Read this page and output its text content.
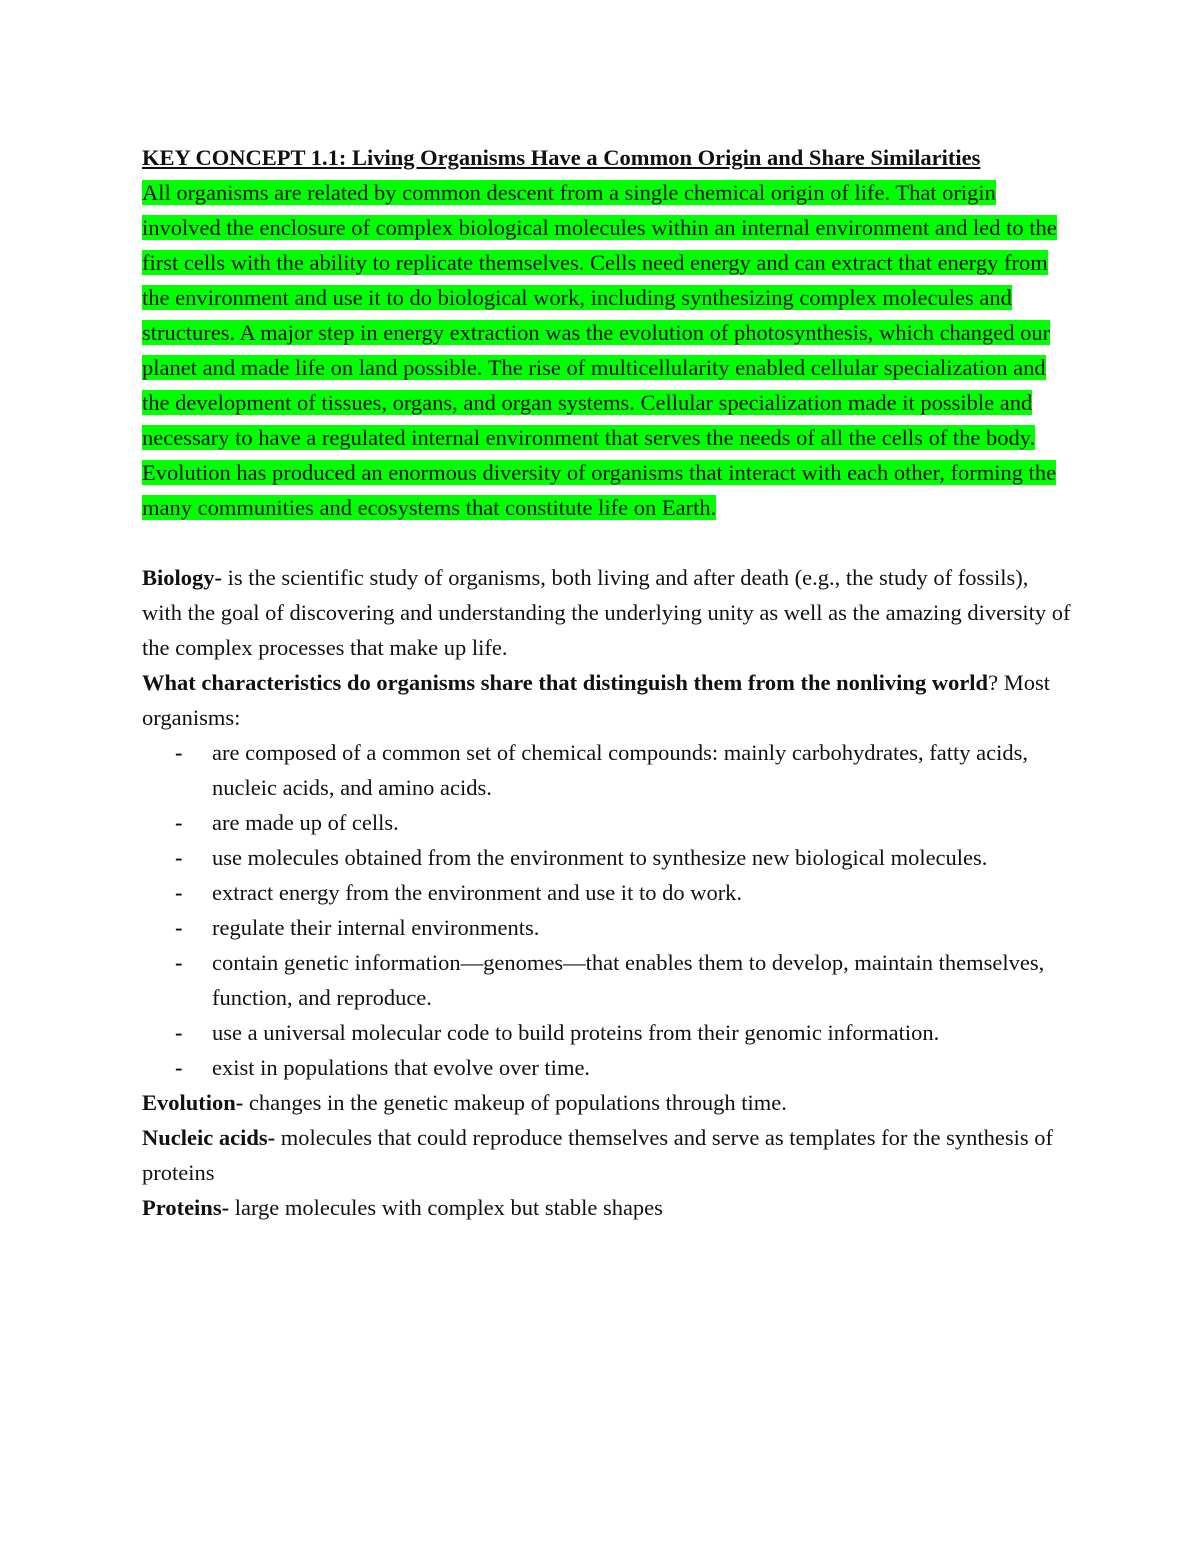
KEY CONCEPT 1.1: Living Organisms Have a Common Origin and Share Similarities

All organisms are related by common descent from a single chemical origin of life. That origin involved the enclosure of complex biological molecules within an internal environment and led to the first cells with the ability to replicate themselves. Cells need energy and can extract that energy from the environment and use it to do biological work, including synthesizing complex molecules and structures. A major step in energy extraction was the evolution of photosynthesis, which changed our planet and made life on land possible. The rise of multicellularity enabled cellular specialization and the development of tissues, organs, and organ systems. Cellular specialization made it possible and necessary to have a regulated internal environment that serves the needs of all the cells of the body. Evolution has produced an enormous diversity of organisms that interact with each other, forming the many communities and ecosystems that constitute life on Earth.

Biology- is the scientific study of organisms, both living and after death (e.g., the study of fossils), with the goal of discovering and understanding the underlying unity as well as the amazing diversity of the complex processes that make up life.

What characteristics do organisms share that distinguish them from the nonliving world? Most organisms:

- are composed of a common set of chemical compounds: mainly carbohydrates, fatty acids, nucleic acids, and amino acids.
- are made up of cells.
- use molecules obtained from the environment to synthesize new biological molecules.
- extract energy from the environment and use it to do work.
- regulate their internal environments.
- contain genetic information—genomes—that enables them to develop, maintain themselves, function, and reproduce.
- use a universal molecular code to build proteins from their genomic information.
- exist in populations that evolve over time.

Evolution- changes in the genetic makeup of populations through time.

Nucleic acids- molecules that could reproduce themselves and serve as templates for the synthesis of proteins

Proteins- large molecules with complex but stable shapes
